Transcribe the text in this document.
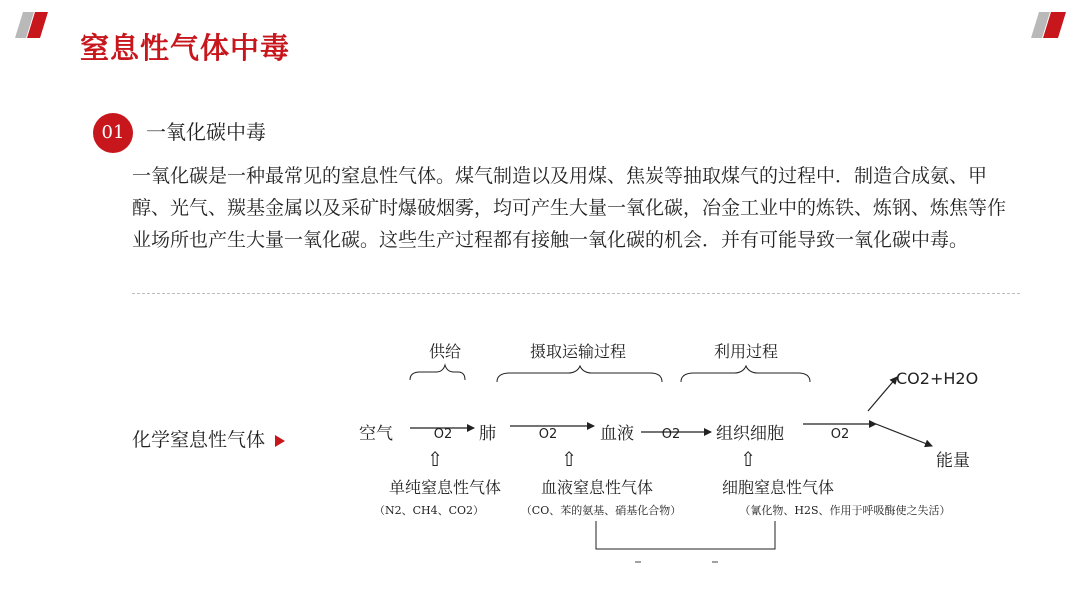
窒息性气体中毒
01	一氧化碳中毒
一氧化碳是一种最常见的窒息性气体。煤气制造以及用煤、焦炭等抽取煤气的过程中．制造合成氨、甲醇、光气、羰基金属以及采矿时爆破烟雾，均可产生大量一氧化碳，冶金工业中的炼铁、炼钢、炼焦等作业场所也产生大量一氧化碳。这些生产过程都有接触一氧化碳的机会．并有可能导致一氧化碳中毒。
化学窒息性气体
供给	摄取运输过程	利用过程
空气	肺	血液	组织细胞
O2	O2	O2	O2
CO2+H2O
能量
⇧	⇧	⇧
单纯窒息性气体
（N2、CH4、CO2）
血液窒息性气体
（CO、苯的氨基、硝基化合物）
细胞窒息性气体
（氰化物、H2S、作用于呼吸酶使之失活）
